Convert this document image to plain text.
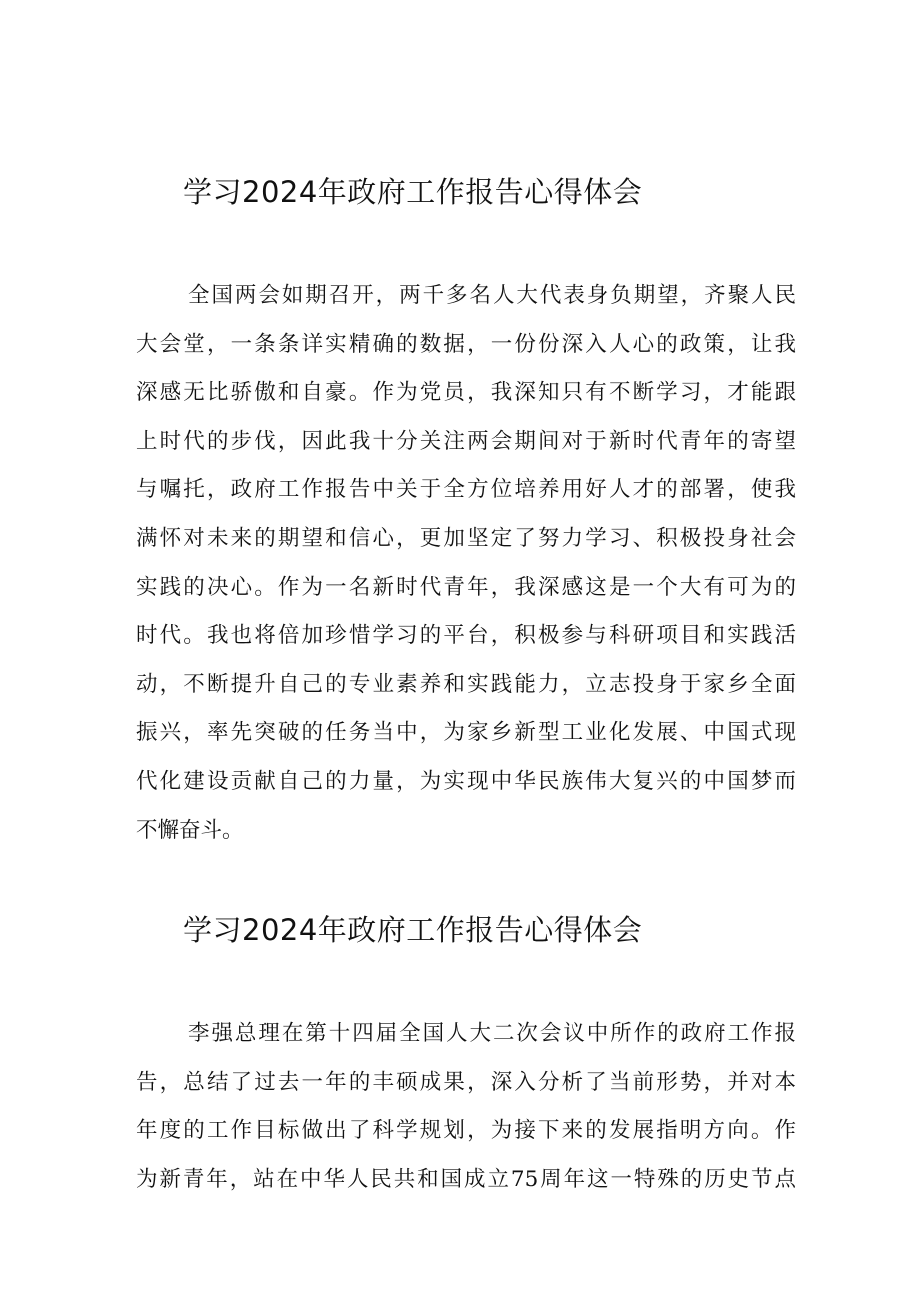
学习2024年政府工作报告心得体会
全国两会如期召开，两千多名人大代表身负期望，齐聚人民
大会堂，一条条详实精确的数据，一份份深入人心的政策，让我
深感无比骄傲和自豪。作为党员，我深知只有不断学习，才能跟
上时代的步伐，因此我十分关注两会期间对于新时代青年的寄望
与嘱托，政府工作报告中关于全方位培养用好人才的部署，使我
满怀对未来的期望和信心，更加坚定了努力学习、积极投身社会
实践的决心。作为一名新时代青年，我深感这是一个大有可为的
时代。我也将倍加珍惜学习的平台，积极参与科研项目和实践活
动，不断提升自己的专业素养和实践能力，立志投身于家乡全面
振兴，率先突破的任务当中，为家乡新型工业化发展、中国式现
代化建设贡献自己的力量，为实现中华民族伟大复兴的中国梦而
不懈奋斗。
学习2024年政府工作报告心得体会
李强总理在第十四届全国人大二次会议中所作的政府工作报
告，总结了过去一年的丰硕成果，深入分析了当前形势，并对本
年度的工作目标做出了科学规划，为接下来的发展指明方向。作
为新青年，站在中华人民共和国成立75周年这一特殊的历史节点
